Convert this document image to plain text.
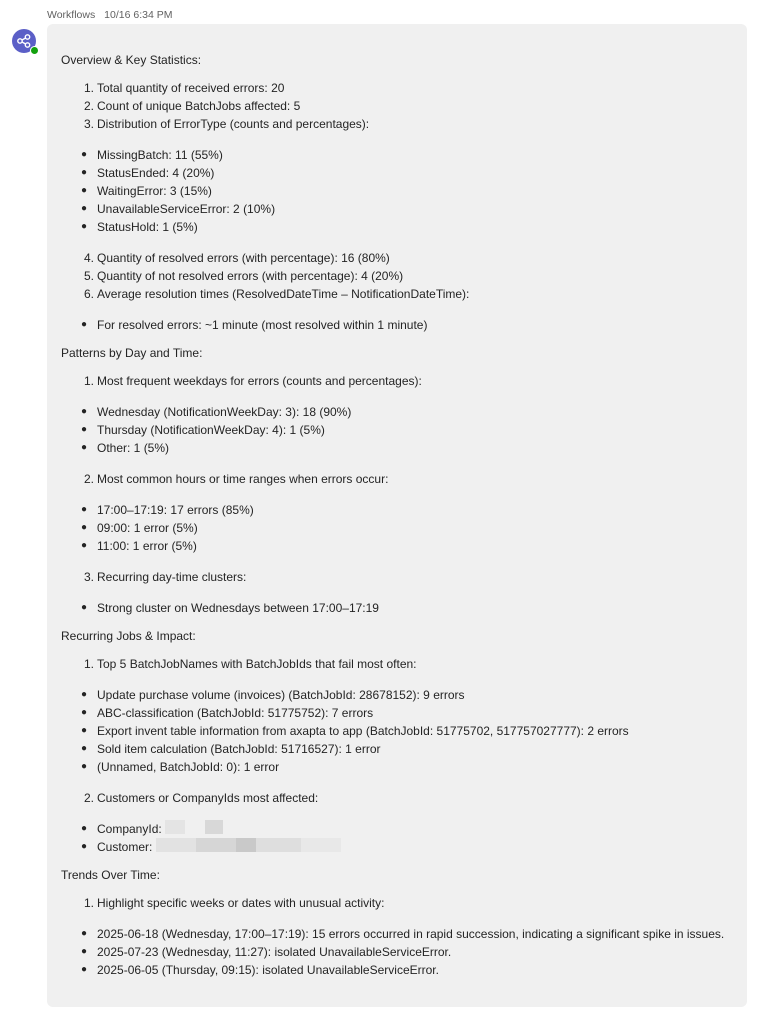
Workflows 10/16 6:34 PM

Overview & Key Statistics:

1. Total quantity of received errors: 20
2. Count of unique BatchJobs affected: 5
3. Distribution of ErrorType (counts and percentages):
● MissingBatch: 11 (55%)
● StatusEnded: 4 (20%)
● WaitingError: 3 (15%)
● UnavailableServiceError: 2 (10%)
● StatusHold: 1 (5%)
4. Quantity of resolved errors (with percentage): 16 (80%)
5. Quantity of not resolved errors (with percentage): 4 (20%)
6. Average resolution times (ResolvedDateTime – NotificationDateTime):
● For resolved errors: ~1 minute (most resolved within 1 minute)

Patterns by Day and Time:

1. Most frequent weekdays for errors (counts and percentages):
● Wednesday (NotificationWeekDay: 3): 18 (90%)
● Thursday (NotificationWeekDay: 4): 1 (5%)
● Other: 1 (5%)
2. Most common hours or time ranges when errors occur:
● 17:00–17:19: 17 errors (85%)
● 09:00: 1 error (5%)
● 11:00: 1 error (5%)
3. Recurring day-time clusters:
● Strong cluster on Wednesdays between 17:00–17:19

Recurring Jobs & Impact:

1. Top 5 BatchJobNames with BatchJobIds that fail most often:
● Update purchase volume (invoices) (BatchJobId: 28678152): 9 errors
● ABC-classification (BatchJobId: 51775752): 7 errors
● Export invent table information from axapta to app (BatchJobId: 51775702, 517757027777): 2 errors
● Sold item calculation (BatchJobId: 51716527): 1 error
● (Unnamed, BatchJobId: 0): 1 error
2. Customers or CompanyIds most affected:
● CompanyId:

● Customer:

Trends Over Time:

1. Highlight specific weeks or dates with unusual activity:
● 2025-06-18 (Wednesday, 17:00–17:19): 15 errors occurred in rapid succession, indicating a significant spike in issues.
● 2025-07-23 (Wednesday, 11:27): isolated UnavailableServiceError.
● 2025-06-05 (Thursday, 09:15): isolated UnavailableServiceError.
